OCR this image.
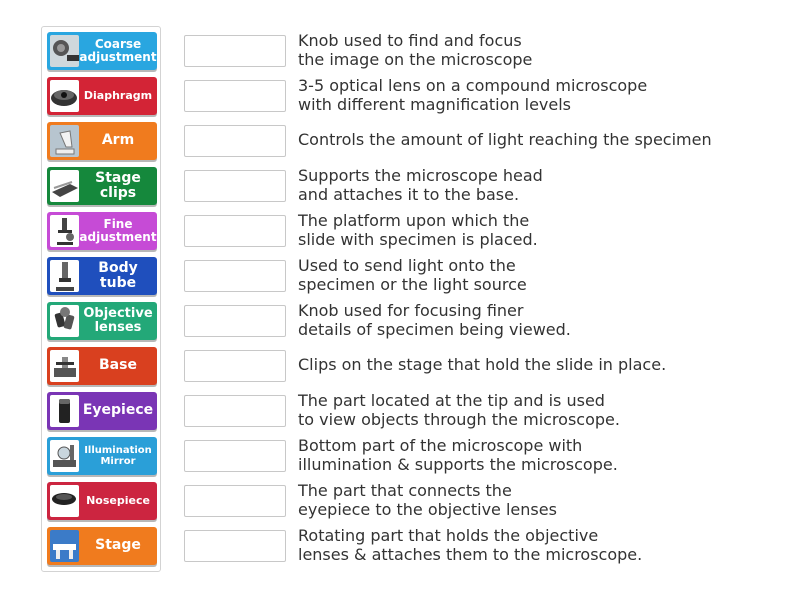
Coarse
adjustment
Diaphragm
Arm
Stage
clips
Fine
adjustment
Body
tube
Objective
lenses
Base
Eyepiece
Illumination
Mirror
Nosepiece
Stage
Knob used to find and focus
the image on the microscope
3-5 optical lens on a compound microscope
with different magnification levels
Controls the amount of light reaching the specimen
Supports the microscope head
and attaches it to the base.
The platform upon which the
slide with specimen is placed.
Used to send light onto the
specimen or the light source
Knob used for focusing finer
details of specimen being viewed.
Clips on the stage that hold the slide in place.
The part located at the tip and is used
to view objects through the microscope.
Bottom part of the microscope with
illumination & supports the microscope.
The part that connects the
eyepiece to the objective lenses
Rotating part that holds the objective
lenses & attaches them to the microscope.
